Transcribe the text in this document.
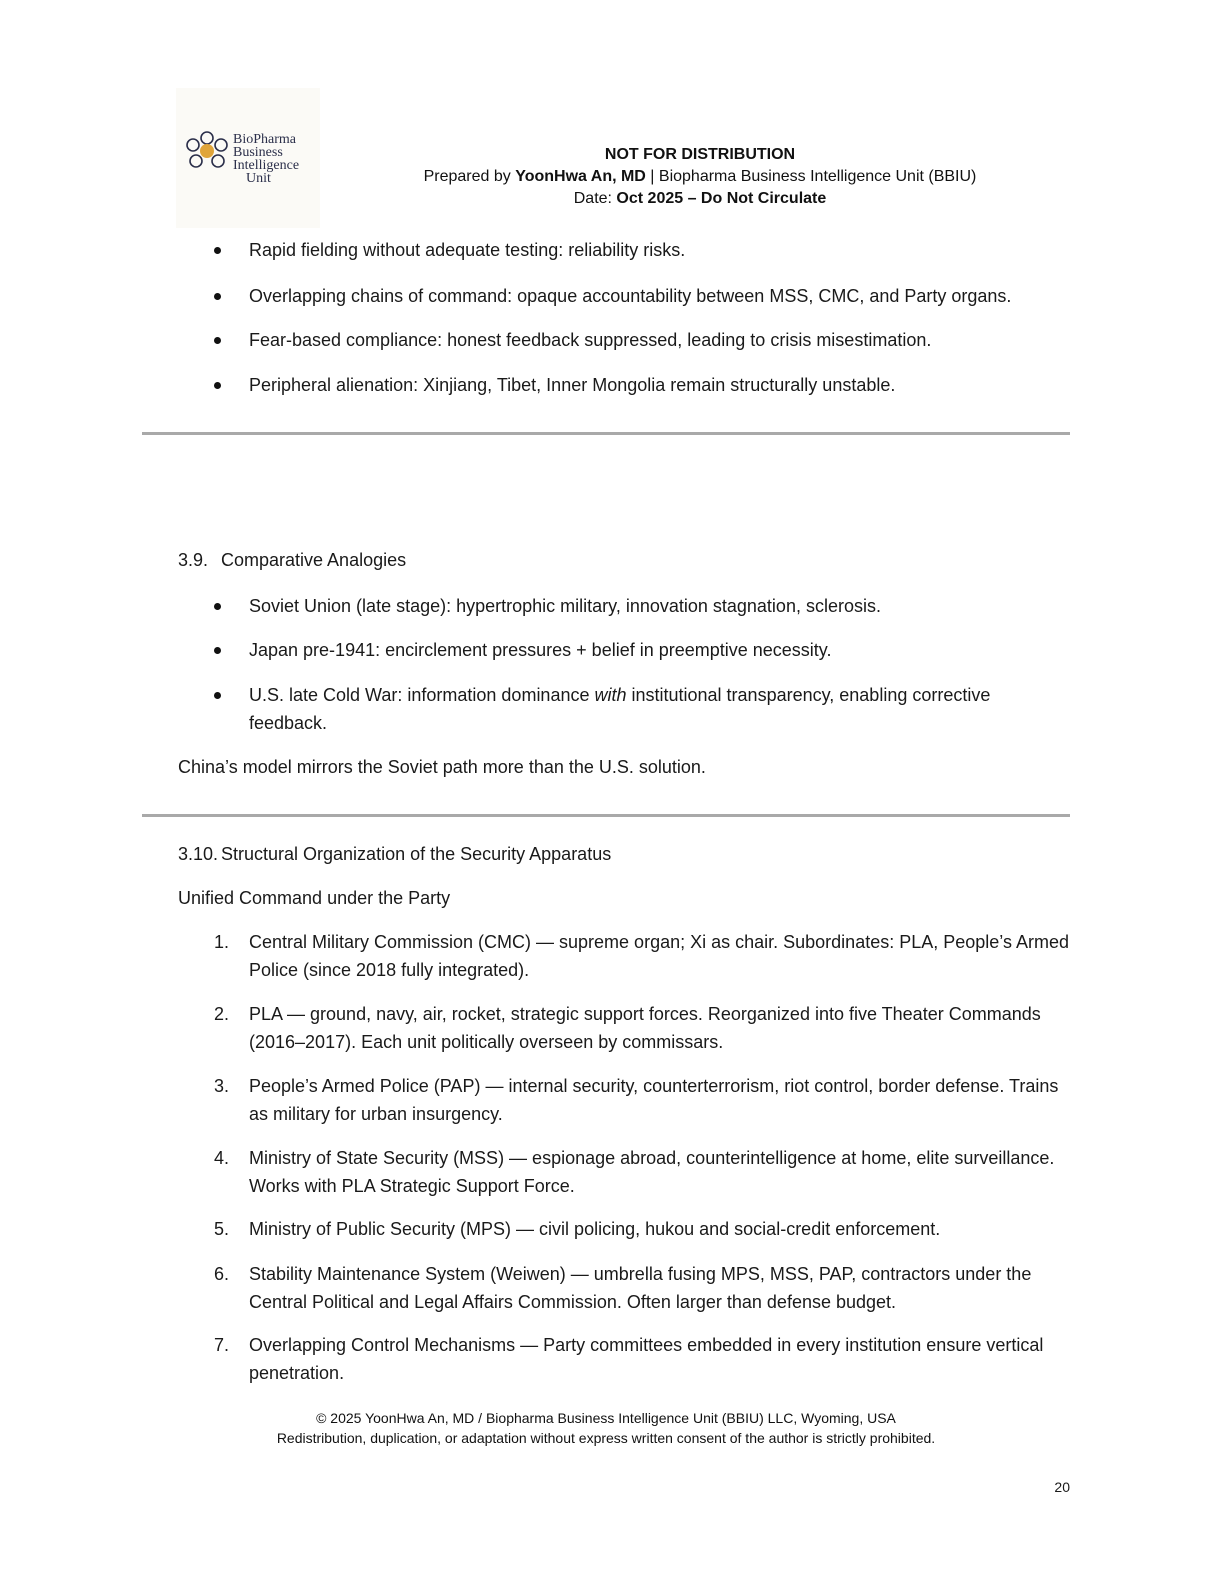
BioPharma
Business
Intelligence
Unit
NOT FOR DISTRIBUTION
Prepared by YoonHwa An, MD | Biopharma Business Intelligence Unit (BBIU)
Date: Oct 2025 – Do Not Circulate
Rapid fielding without adequate testing: reliability risks.
Overlapping chains of command: opaque accountability between MSS, CMC, and Party organs.
Fear-based compliance: honest feedback suppressed, leading to crisis misestimation.
Peripheral alienation: Xinjiang, Tibet, Inner Mongolia remain structurally unstable.
3.9. Comparative Analogies
Soviet Union (late stage): hypertrophic military, innovation stagnation, sclerosis.
Japan pre-1941: encirclement pressures + belief in preemptive necessity.
U.S. late Cold War: information dominance with institutional transparency, enabling corrective feedback.
China’s model mirrors the Soviet path more than the U.S. solution.
3.10. Structural Organization of the Security Apparatus
Unified Command under the Party
1. Central Military Commission (CMC) — supreme organ; Xi as chair. Subordinates: PLA, People’s Armed Police (since 2018 fully integrated).
2. PLA — ground, navy, air, rocket, strategic support forces. Reorganized into five Theater Commands (2016–2017). Each unit politically overseen by commissars.
3. People’s Armed Police (PAP) — internal security, counterterrorism, riot control, border defense. Trains as military for urban insurgency.
4. Ministry of State Security (MSS) — espionage abroad, counterintelligence at home, elite surveillance. Works with PLA Strategic Support Force.
5. Ministry of Public Security (MPS) — civil policing, hukou and social-credit enforcement.
6. Stability Maintenance System (Weiwen) — umbrella fusing MPS, MSS, PAP, contractors under the Central Political and Legal Affairs Commission. Often larger than defense budget.
7. Overlapping Control Mechanisms — Party committees embedded in every institution ensure vertical penetration.
© 2025 YoonHwa An, MD / Biopharma Business Intelligence Unit (BBIU) LLC, Wyoming, USA
Redistribution, duplication, or adaptation without express written consent of the author is strictly prohibited.
20
